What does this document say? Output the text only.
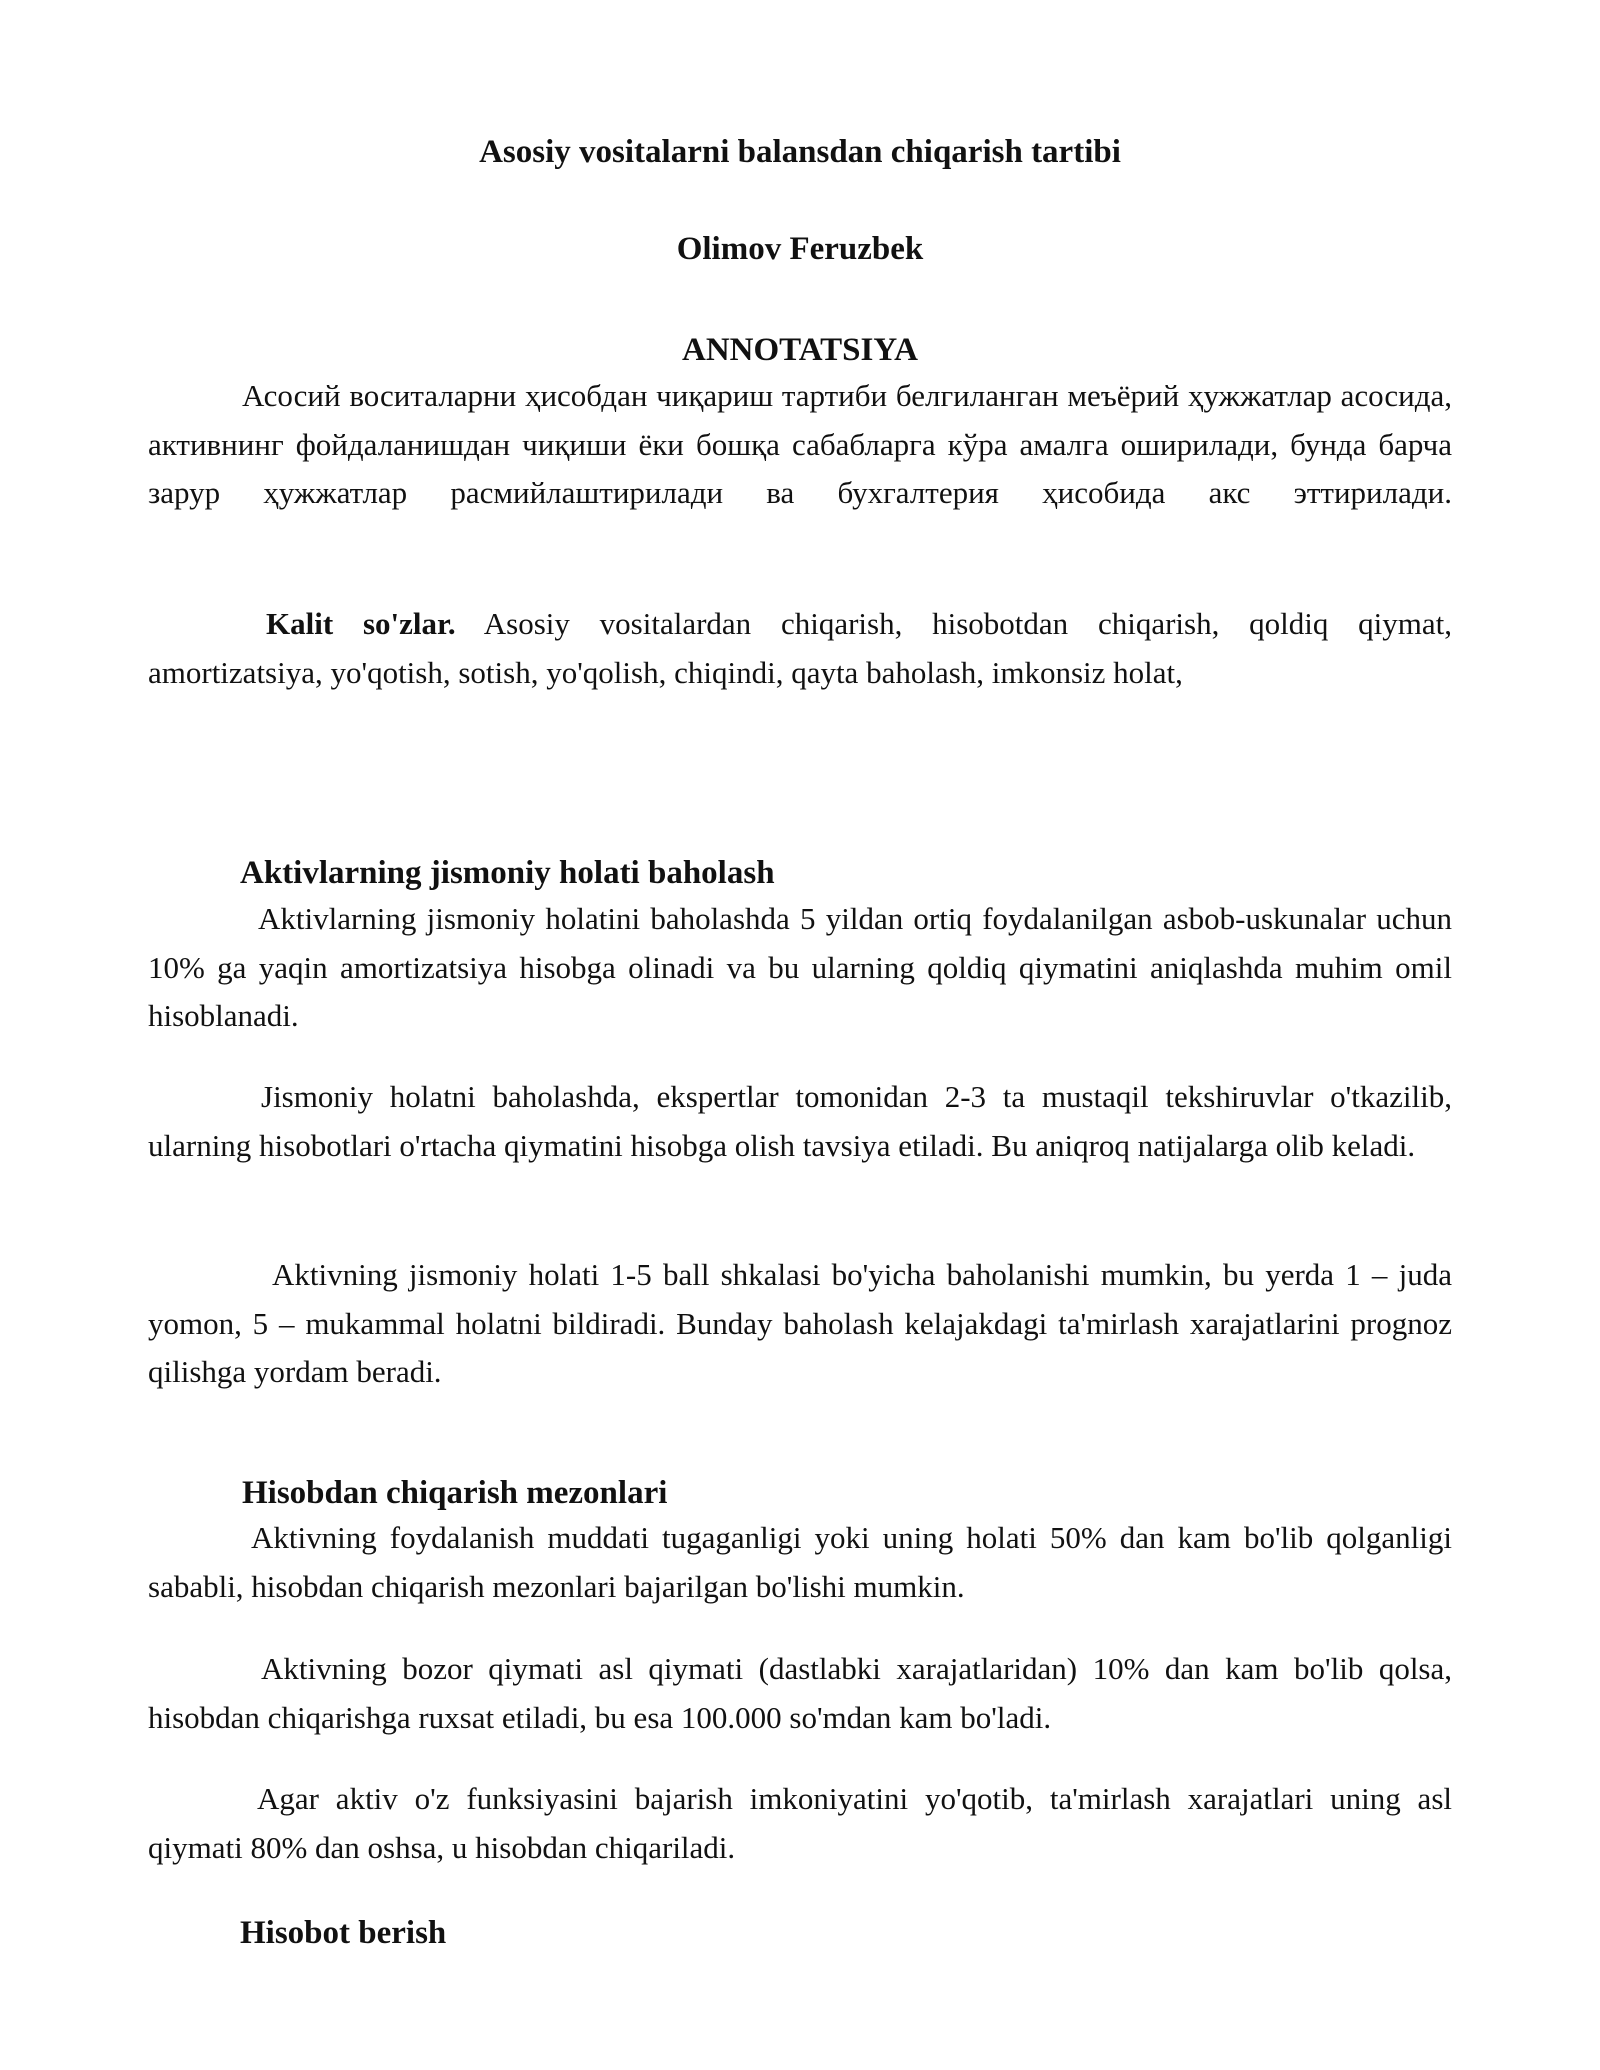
Asosiy vositalarni balansdan chiqarish tartibi
Olimov Feruzbek
ANNOTATSIYA

Асосий воситаларни ҳисобдан чиқариш тартиби белгиланган меъёрий ҳужжатлар асосида, активнинг фойдаланишдан чиқиши ёки бошқа сабабларга кўра амалга оширилади, бунда барча зарур ҳужжатлар расмийлаштирилади ва бухгалтерия ҳисобида акс эттирилади.

Kalit so'zlar. Asosiy vositalardan chiqarish, hisobotdan chiqarish, qoldiq qiymat, amortizatsiya, yo'qotish, sotish, yo'qolish, chiqindi, qayta baholash, imkonsiz holat,

Aktivlarning jismoniy holati baholash

Aktivlarning jismoniy holatini baholashda 5 yildan ortiq foydalanilgan asbob-uskunalar uchun 10% ga yaqin amortizatsiya hisobga olinadi va bu ularning qoldiq qiymatini aniqlashda muhim omil hisoblanadi.

Jismoniy holatni baholashda, ekspertlar tomonidan 2-3 ta mustaqil tekshiruvlar o'tkazilib, ularning hisobotlari o'rtacha qiymatini hisobga olish tavsiya etiladi. Bu aniqroq natijalarga olib keladi.

Aktivning jismoniy holati 1-5 ball shkalasi bo'yicha baholanishi mumkin, bu yerda 1 – juda yomon, 5 – mukammal holatni bildiradi. Bunday baholash kelajakdagi ta'mirlash xarajatlarini prognoz qilishga yordam beradi.

Hisobdan chiqarish mezonlari

Aktivning foydalanish muddati tugaganligi yoki uning holati 50% dan kam bo'lib qolganligi sababli, hisobdan chiqarish mezonlari bajarilgan bo'lishi mumkin.

Aktivning bozor qiymati asl qiymati (dastlabki xarajatlaridan) 10% dan kam bo'lib qolsa, hisobdan chiqarishga ruxsat etiladi, bu esa 100.000 so'mdan kam bo'ladi.

Agar aktiv o'z funksiyasini bajarish imkoniyatini yo'qotib, ta'mirlash xarajatlari uning asl qiymati 80% dan oshsa, u hisobdan chiqariladi.

Hisobot berish
